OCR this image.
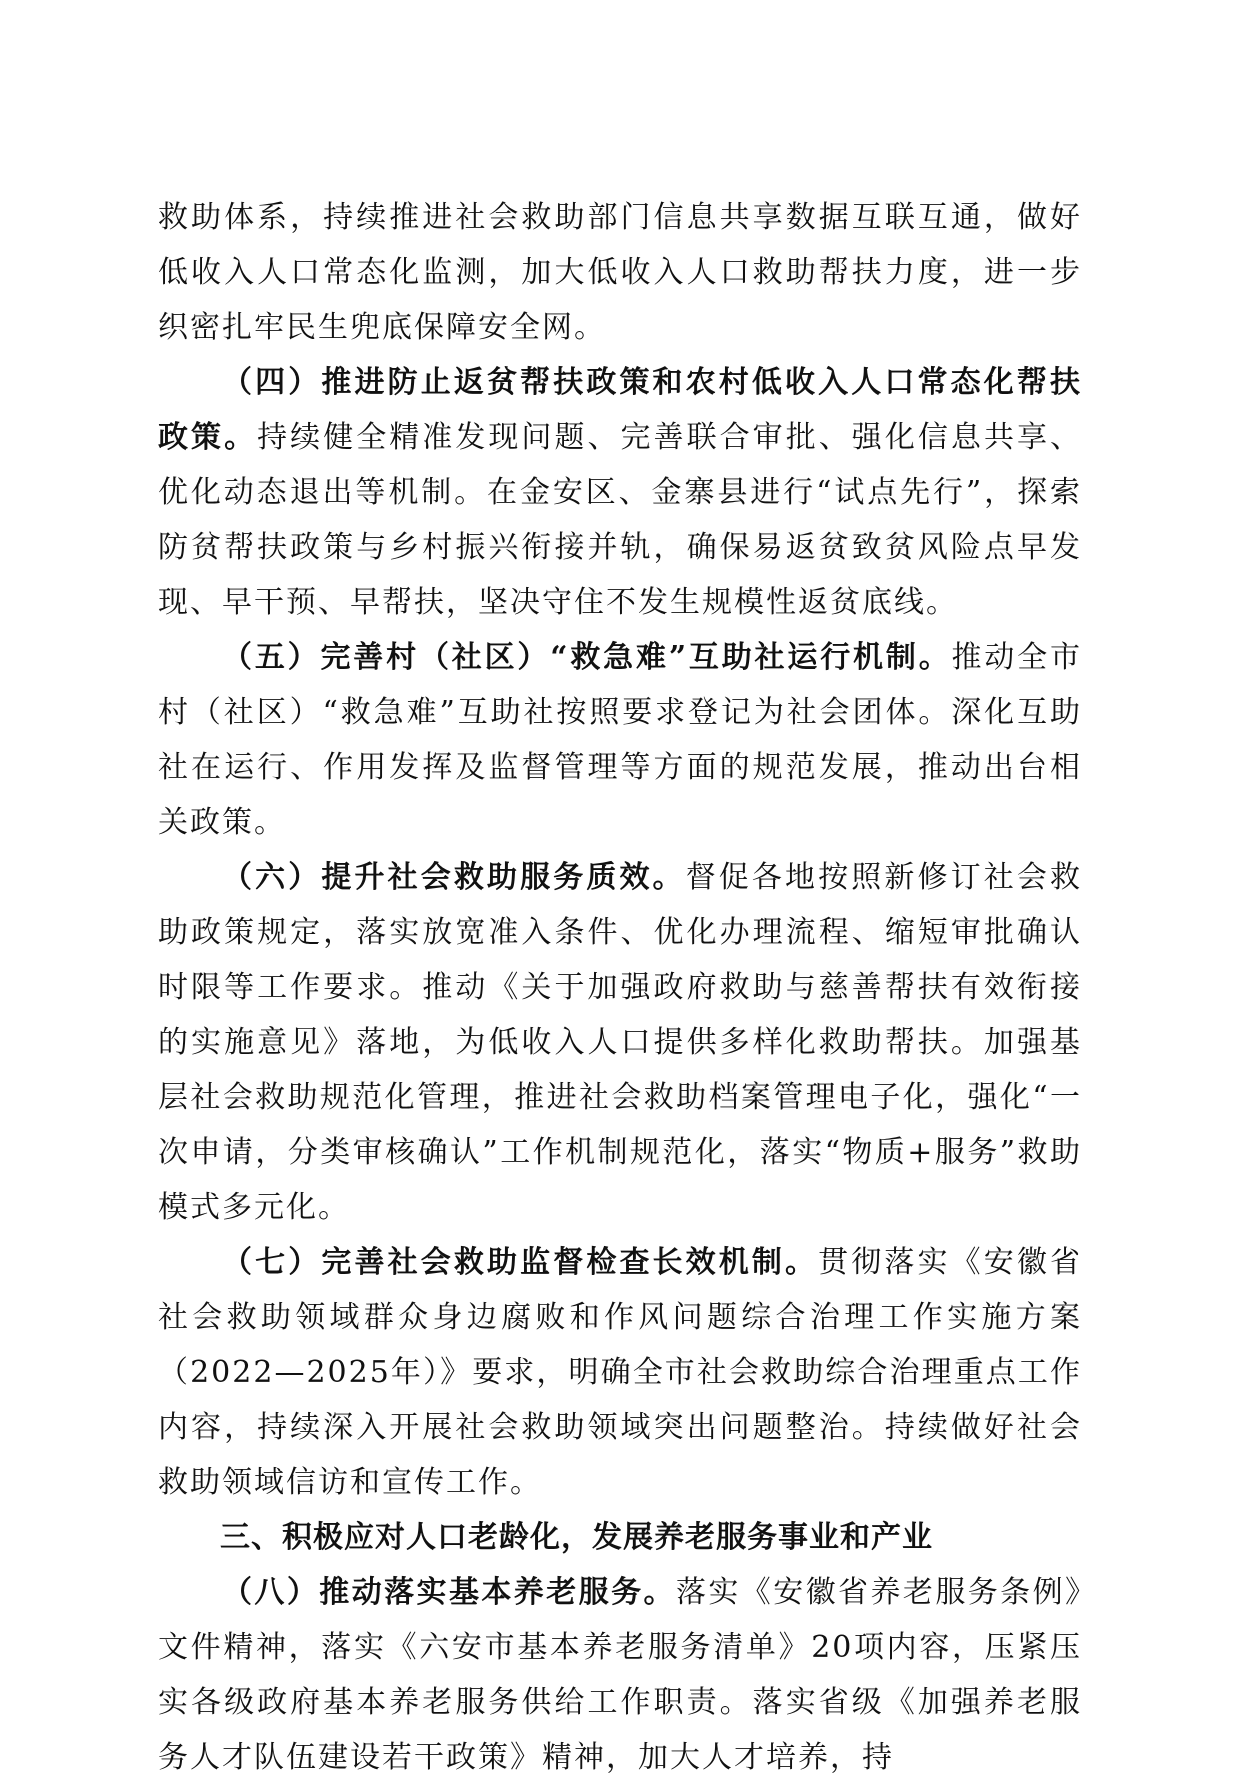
救助体系，持续推进社会救助部门信息共享数据互联互通，做好低收入人口常态化监测，加大低收入人口救助帮扶力度，进一步织密扎牢民生兜底保障安全网。

（四）推进防止返贫帮扶政策和农村低收入人口常态化帮扶政策。持续健全精准发现问题、完善联合审批、强化信息共享、优化动态退出等机制。在金安区、金寨县进行“试点先行”，探索防贫帮扶政策与乡村振兴衔接并轨，确保易返贫致贫风险点早发现、早干预、早帮扶，坚决守住不发生规模性返贫底线。

（五）完善村（社区）“救急难”互助社运行机制。推动全市村（社区）“救急难”互助社按照要求登记为社会团体。深化互助社在运行、作用发挥及监督管理等方面的规范发展，推动出台相关政策。

（六）提升社会救助服务质效。督促各地按照新修订社会救助政策规定，落实放宽准入条件、优化办理流程、缩短审批确认时限等工作要求。推动《关于加强政府救助与慈善帮扶有效衔接的实施意见》落地，为低收入人口提供多样化救助帮扶。加强基层社会救助规范化管理，推进社会救助档案管理电子化，强化“一次申请，分类审核确认”工作机制规范化，落实“物质+服务”救助模式多元化。

（七）完善社会救助监督检查长效机制。贯彻落实《安徽省社会救助领域群众身边腐败和作风问题综合治理工作实施方案（2022—2025年）》要求，明确全市社会救助综合治理重点工作内容，持续深入开展社会救助领域突出问题整治。持续做好社会救助领域信访和宣传工作。

三、积极应对人口老龄化，发展养老服务事业和产业

（八）推动落实基本养老服务。落实《安徽省养老服务条例》文件精神，落实《六安市基本养老服务清单》20项内容，压紧压实各级政府基本养老服务供给工作职责。落实省级《加强养老服务人才队伍建设若干政策》精神，加大人才培养，持
